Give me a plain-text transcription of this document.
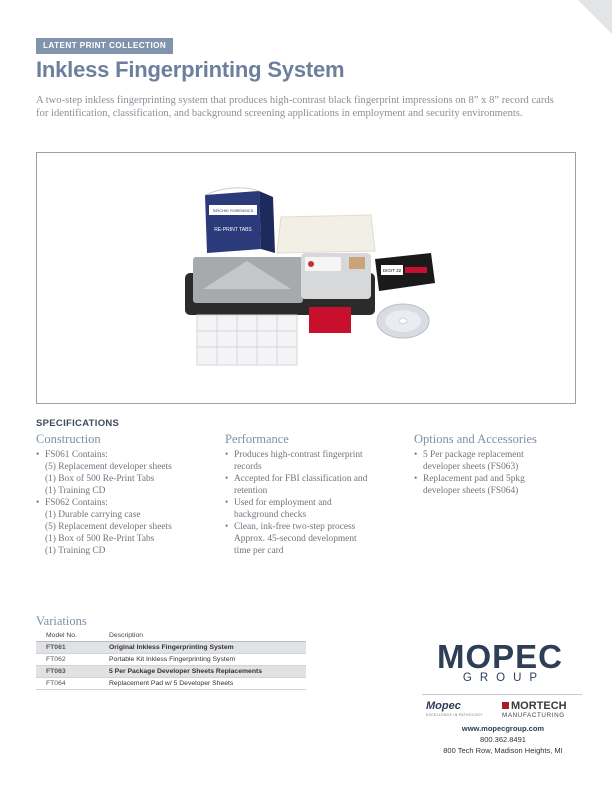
LATENT PRINT COLLECTION
Inkless Fingerprinting System

A two-step inkless fingerprinting system that produces high-contrast black fingerprint impressions on 8” x 8” record cards for identification, classification, and background screening applications in employment and security environments.

SIRCHIE FORENSICS
RE-PRINT TABS
DIGIT 32
SPECIFICATIONS
Construction
• FS061 Contains:
(5) Replacement developer sheets
(1) Box of 500 Re-Print Tabs
(1) Training CD
• FS062 Contains:
(1) Durable carrying case
(5) Replacement developer sheets
(1) Box of 500 Re-Print Tabs
(1) Training CD
Performance
• Produces high-contrast fingerprint
records
• Accepted for FBI classification and
retention
• Used for employment and
background checks
• Clean, ink-free two-step process
Approx. 45-second development
time per card
Options and Accessories
• 5 Per package replacement
developer sheets (FS063)
• Replacement pad and 5pkg
developer sheets (FS064)
Variations
Model No.	Description
FT061	Original Inkless Fingerprinting System
FT062	Portable Kit Inkless Fingerprinting System
FT063	5 Per Package Developer Sheets Replacements
FT064	Replacement Pad w/ 5 Developer Sheets
MOPEC
GROUP
Mopec
EXCELLENCE IN PATHOLOGY
MORTECH
MANUFACTURING
www.mopecgroup.com
800.362.8491
800 Tech Row, Madison Heights, MI
